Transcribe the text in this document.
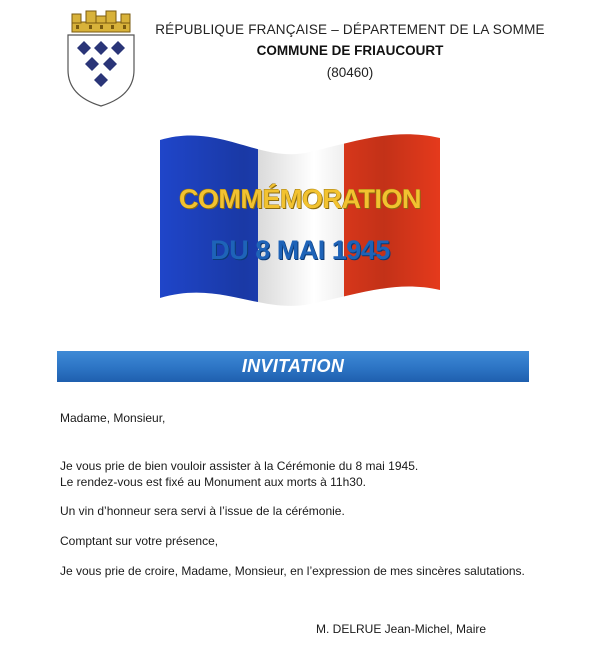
RÉPUBLIQUE FRANÇAISE – DÉPARTEMENT DE LA SOMME
COMMUNE DE FRIAUCOURT
(80460)
COMMÉMORATION
DU 8 MAI 1945
INVITATION
Madame, Monsieur,
Je vous prie de bien vouloir assister à la Cérémonie du 8 mai 1945.
Le rendez-vous est fixé au Monument aux morts à 11h30.
Un vin d’honneur sera servi à l’issue de la cérémonie.
Comptant sur votre présence,
Je vous prie de croire, Madame, Monsieur, en l’expression de mes sincères salutations.
M. DELRUE Jean-Michel, Maire
